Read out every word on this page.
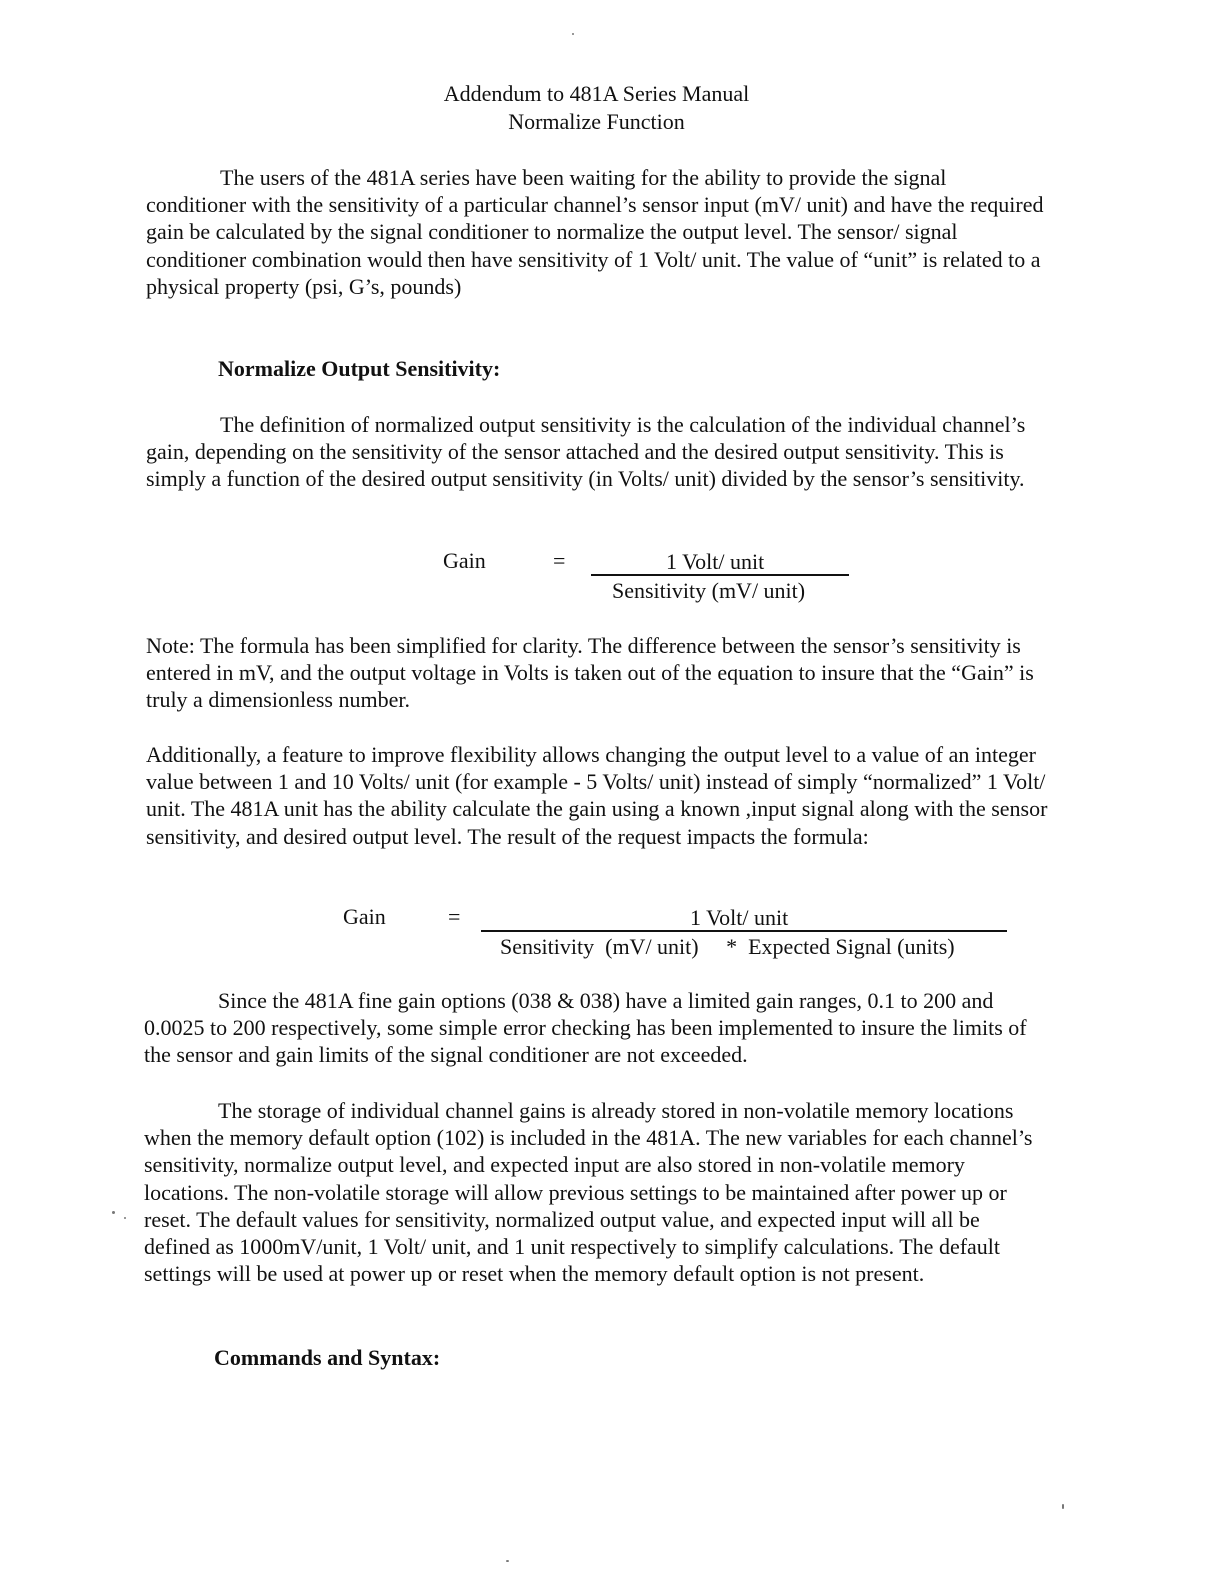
Addendum to 481A Series Manual
Normalize Function
The users of the 481A series have been waiting for the ability to provide the signal conditioner with the sensitivity of a particular channel’s sensor input (mV/ unit) and have the required gain be calculated by the signal conditioner to normalize the output level. The sensor/ signal conditioner combination would then have sensitivity of 1 Volt/ unit. The value of “unit” is related to a physical property (psi, G’s, pounds)
Normalize Output Sensitivity:
The definition of normalized output sensitivity is the calculation of the individual channel’s gain, depending on the sensitivity of the sensor attached and the desired output sensitivity. This is simply a function of the desired output sensitivity (in Volts/ unit) divided by the sensor’s sensitivity.
Gain	=	1 Volt/ unit
Sensitivity (mV/ unit)
Note: The formula has been simplified for clarity. The difference between the sensor’s sensitivity is entered in mV, and the output voltage in Volts is taken out of the equation to insure that the “Gain” is truly a dimensionless number.
Additionally, a feature to improve flexibility allows changing the output level to a value of an integer value between 1 and 10 Volts/ unit (for example - 5 Volts/ unit) instead of simply “normalized” 1 Volt/ unit. The 481A unit has the ability calculate the gain using a known ,input signal along with the sensor sensitivity, and desired output level. The result of the request impacts the formula:
Gain	=	1 Volt/ unit
Sensitivity  (mV/ unit)     *  Expected Signal (units)
Since the 481A fine gain options (038 & 038) have a limited gain ranges, 0.1 to 200 and 0.0025 to 200 respectively, some simple error checking has been implemented to insure the limits of the sensor and gain limits of the signal conditioner are not exceeded.
The storage of individual channel gains is already stored in non-volatile memory locations when the memory default option (102) is included in the 481A. The new variables for each channel’s sensitivity, normalize output level, and expected input are also stored in non-volatile memory locations. The non-volatile storage will allow previous settings to be maintained after power up or reset. The default values for sensitivity, normalized output value, and expected input will all be defined as 1000mV/unit, 1 Volt/ unit, and 1 unit respectively to simplify calculations. The default settings will be used at power up or reset when the memory default option is not present.
Commands and Syntax:
